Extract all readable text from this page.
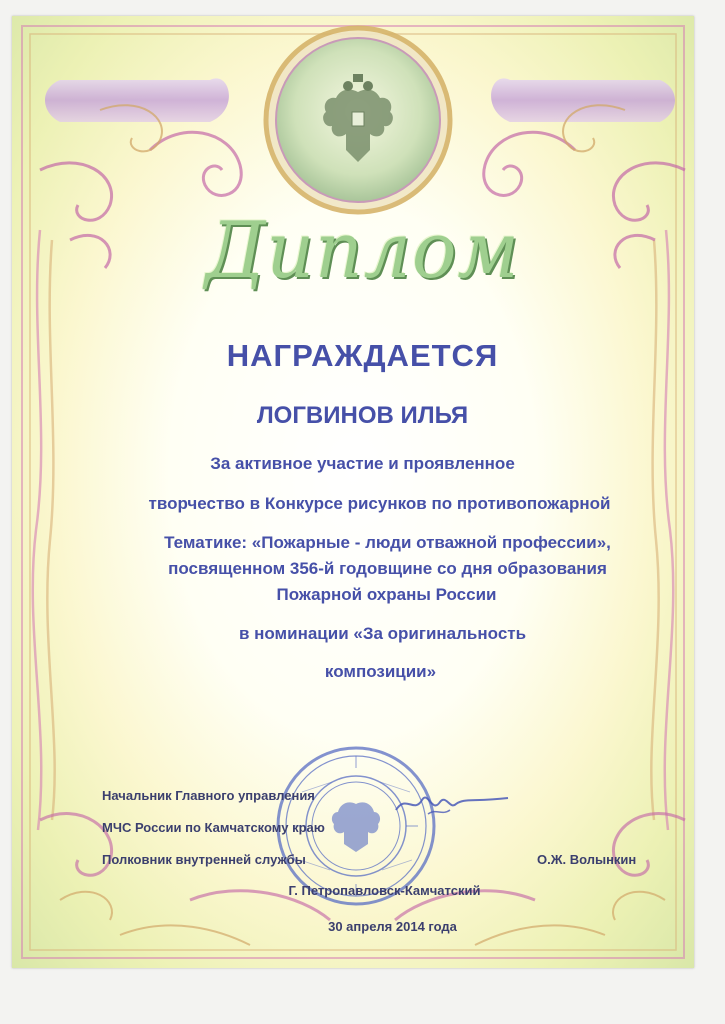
Диплом
НАГРАЖДАЕТСЯ
ЛОГВИНОВ ИЛЬЯ
За активное участие и проявленное
творчество в Конкурсе рисунков по противопожарной
Тематике: «Пожарные - люди отважной профессии»,
посвященном 356-й годовщине со дня образования
Пожарной охраны России
в номинации «За оригинальность
композиции»
Начальник Главного управления
МЧС России по Камчатскому краю
Полковник внутренней службы	О.Ж. Волынкин
Г. Петропавловск-Камчатский
30 апреля 2014 года
